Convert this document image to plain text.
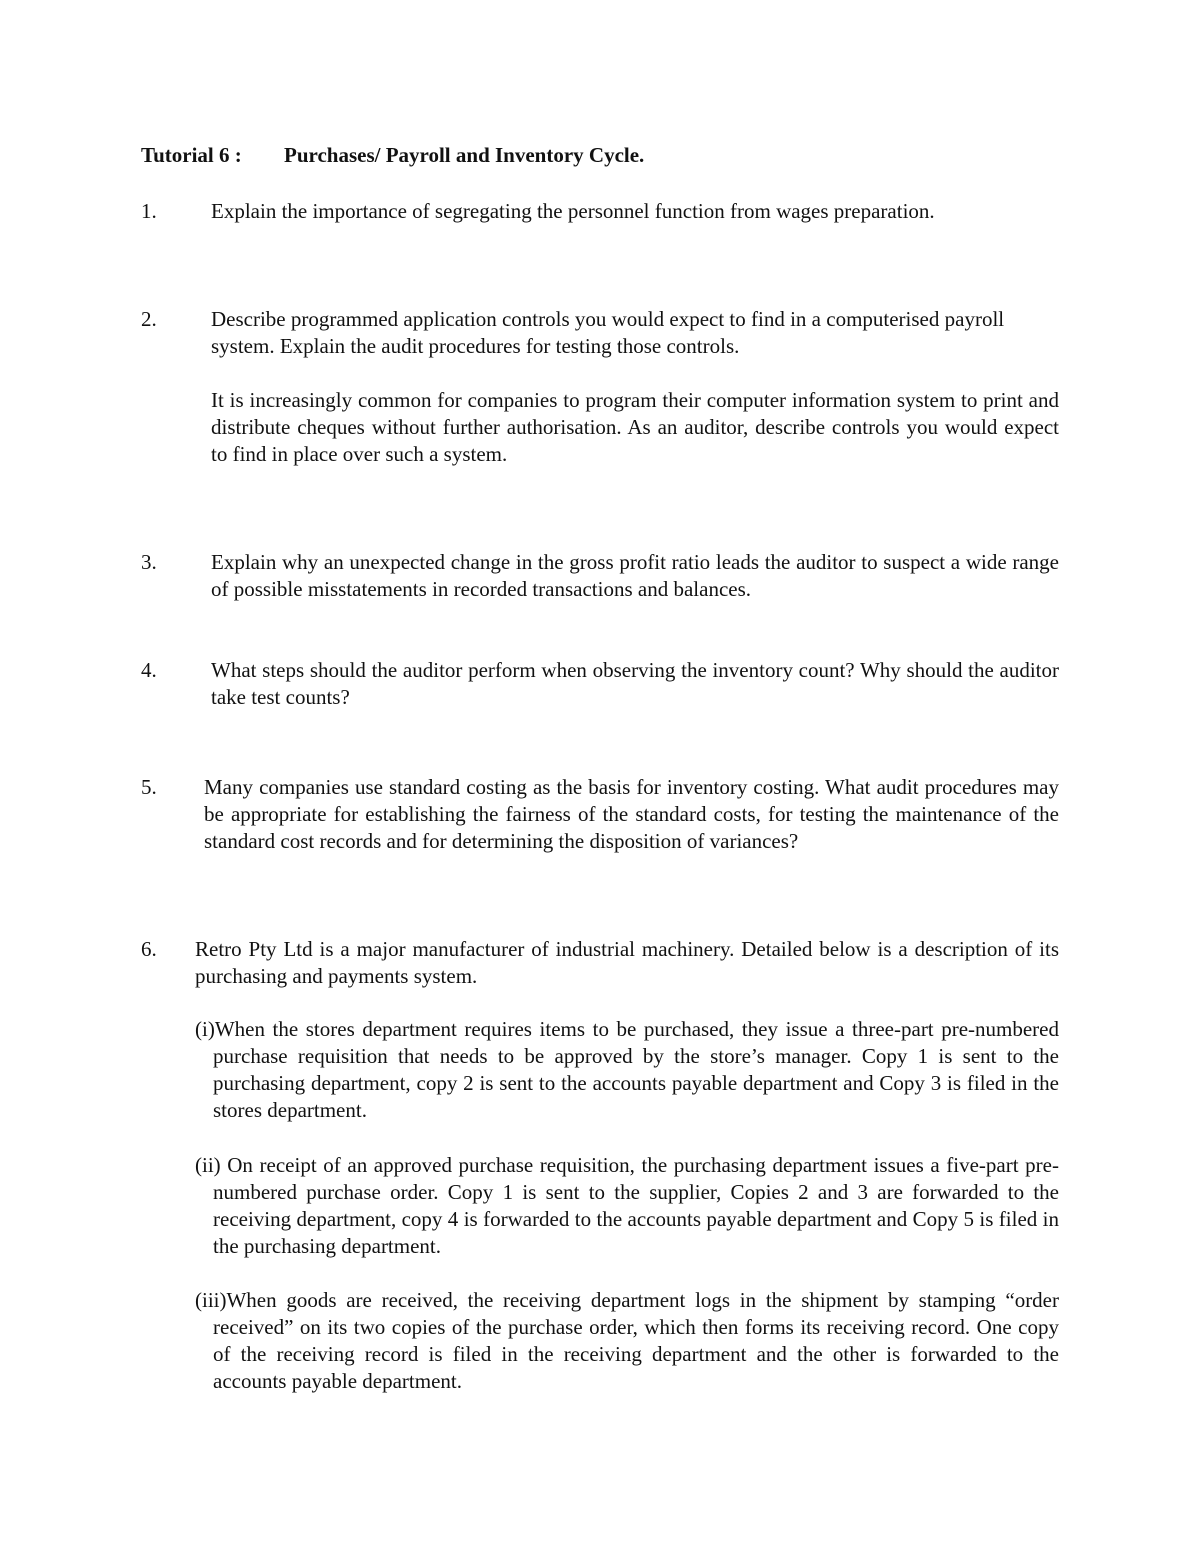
Tutorial 6 : Purchases/ Payroll and Inventory Cycle.
1.	Explain the importance of segregating the personnel function from wages preparation.
2.	Describe programmed application controls you would expect to find in a computerised payroll system. Explain the audit procedures for testing those controls.
It is increasingly common for companies to program their computer information system to print and distribute cheques without further authorisation. As an auditor, describe controls you would expect to find in place over such a system.
3.	Explain why an unexpected change in the gross profit ratio leads the auditor to suspect a wide range of possible misstatements in recorded transactions and balances.
4.	What steps should the auditor perform when observing the inventory count? Why should the auditor take test counts?
5. Many companies use standard costing as the basis for inventory costing. What audit procedures may be appropriate for establishing the fairness of the standard costs, for testing the maintenance of the standard cost records and for determining the disposition of variances?
6. Retro Pty Ltd is a major manufacturer of industrial machinery. Detailed below is a description of its purchasing and payments system.
(i)When the stores department requires items to be purchased, they issue a three-part pre-numbered purchase requisition that needs to be approved by the store’s manager. Copy 1 is sent to the purchasing department, copy 2 is sent to the accounts payable department and Copy 3 is filed in the stores department.
(ii) On receipt of an approved purchase requisition, the purchasing department issues a five-part pre-numbered purchase order. Copy 1 is sent to the supplier, Copies 2 and 3 are forwarded to the receiving department, copy 4 is forwarded to the accounts payable department and Copy 5 is filed in the purchasing department.
(iii)When goods are received, the receiving department logs in the shipment by stamping “order received” on its two copies of the purchase order, which then forms its receiving record. One copy of the receiving record is filed in the receiving department and the other is forwarded to the accounts payable department.
